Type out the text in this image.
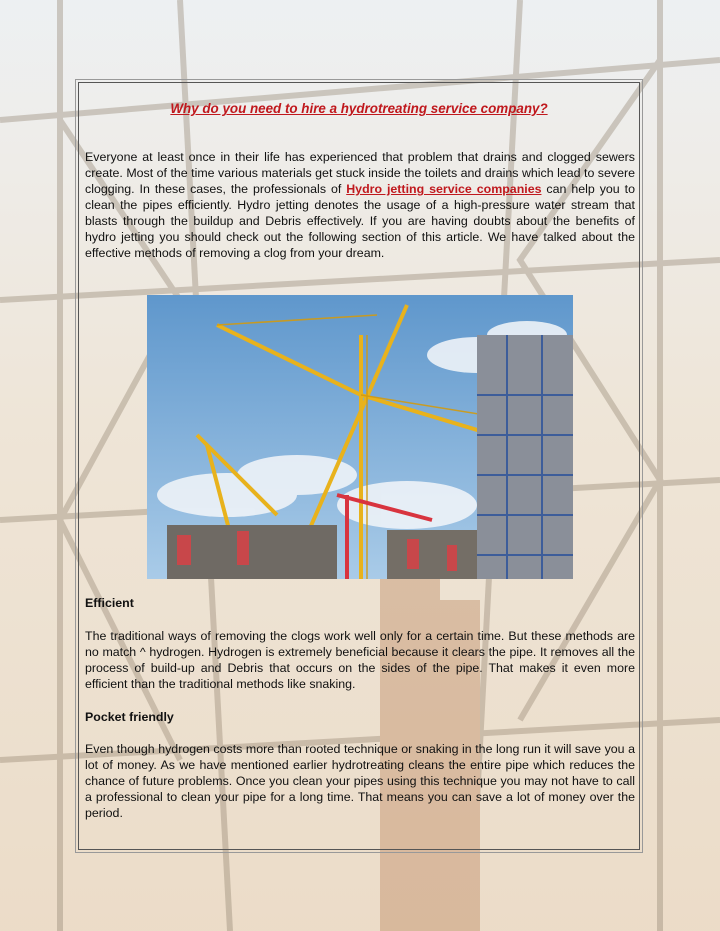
Why do you need to hire a hydrotreating service company?
Everyone at least once in their life has experienced that problem that drains and clogged sewers create. Most of the time various materials get stuck inside the toilets and drains which lead to severe clogging. In these cases, the professionals of Hydro jetting service companies can help you to clean the pipes efficiently. Hydro jetting denotes the usage of a high-pressure water stream that blasts through the buildup and Debris effectively. If you are having doubts about the benefits of hydro jetting you should check out the following section of this article. We have talked about the effective methods of removing a clog from your dream.
Efficient
The traditional ways of removing the clogs work well only for a certain time. But these methods are no match ^ hydrogen. Hydrogen is extremely beneficial because it clears the pipe. It removes all the process of build-up and Debris that occurs on the sides of the pipe. That makes it even more efficient than the traditional methods like snaking.
Pocket friendly
Even though hydrogen costs more than rooted technique or snaking in the long run it will save you a lot of money. As we have mentioned earlier hydrotreating cleans the entire pipe which reduces the chance of future problems. Once you clean your pipes using this technique you may not have to call a professional to clean your pipe for a long time. That means you can save a lot of money over the period.
